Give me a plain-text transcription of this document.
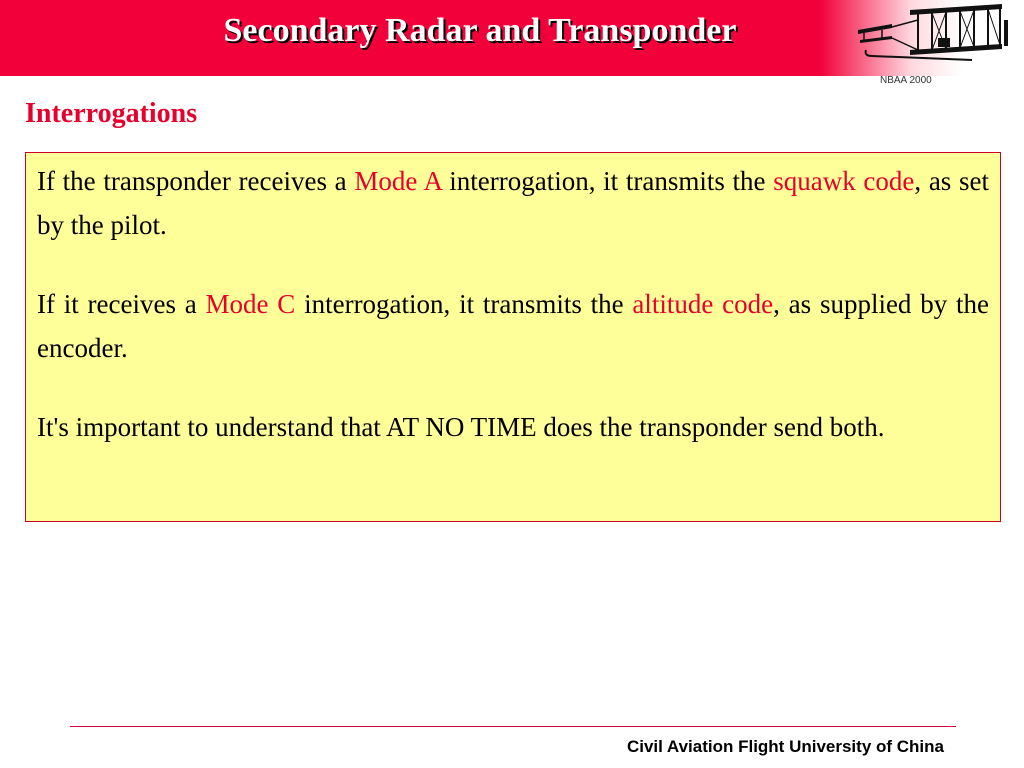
Secondary Radar and Transponder
NBAA 2000
Interrogations

If the transponder receives a Mode A interrogation, it transmits the squawk code, as set by the pilot.

If it receives a Mode C interrogation, it transmits the altitude code, as supplied by the encoder.

It's important to understand that AT NO TIME does the transponder send both.

Civil Aviation Flight University of China
